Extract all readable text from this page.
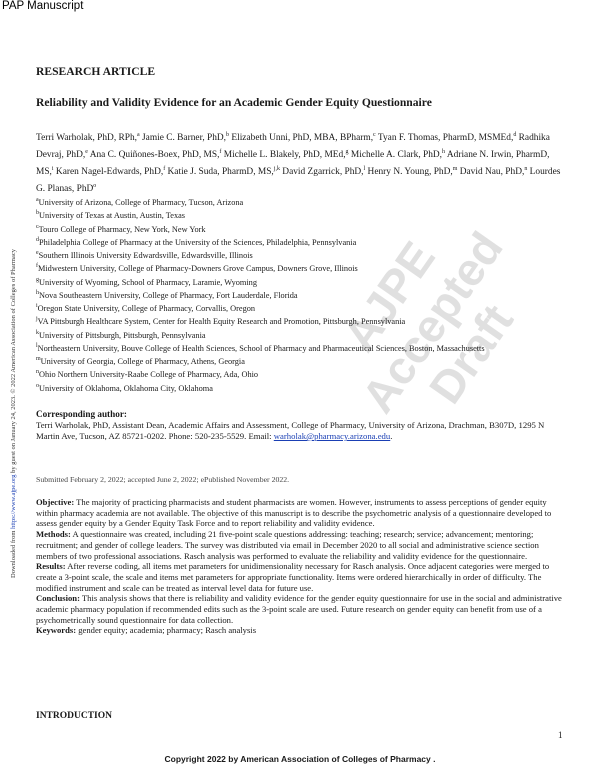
PAP Manuscript
Downloaded from https://www.ajpe.org by guest on January 24, 2023. © 2022 American Association of Colleges of Pharmacy	AJPE Accepted Draft
RESEARCH ARTICLE
Reliability and Validity Evidence for an Academic Gender Equity Questionnaire
Terri Warholak, PhD, RPh,$^a$ Jamie C. Barner, PhD,$^b$ Elizabeth Unni, PhD, MBA, BPharm,$^c$ Tyan F. Thomas, PharmD, MSMEd,$^d$ Radhika Devraj, PhD,$^e$ Ana C. Quiñones-Boex, PhD, MS,$^f$ Michelle L. Blakely, PhD, MEd,$^g$ Michelle A. Clark, PhD,$^h$ Adriane N. Irwin, PharmD, MS,$^i$ Karen Nagel-Edwards, PhD,$^f$ Katie J. Suda, PharmD, MS,$^{j,k}$ David Zgarrick, PhD,$^l$ Henry N. Young, PhD,$^m$ David Nau, PhD,$^n$ Lourdes G. Planas, PhD$^o$
$^a$University of Arizona, College of Pharmacy, Tucson, Arizona
$^b$University of Texas at Austin, Austin, Texas
$^c$Touro College of Pharmacy, New York, New York
$^d$Philadelphia College of Pharmacy at the University of the Sciences, Philadelphia, Pennsylvania
$^e$Southern Illinois University Edwardsville, Edwardsville, Illinois
$^f$Midwestern University, College of Pharmacy-Downers Grove Campus, Downers Grove, Illinois
$^g$University of Wyoming, School of Pharmacy, Laramie, Wyoming
$^h$Nova Southeastern University, College of Pharmacy, Fort Lauderdale, Florida
$^i$Oregon State University, College of Pharmacy, Corvallis, Oregon
$^j$VA Pittsburgh Healthcare System, Center for Health Equity Research and Promotion, Pittsburgh, Pennsylvania
$^k$University of Pittsburgh, Pittsburgh, Pennsylvania
$^l$Northeastern University, Bouve College of Health Sciences, School of Pharmacy and Pharmaceutical Sciences, Boston, Massachusetts
$^m$University of Georgia, College of Pharmacy, Athens, Georgia
$^n$Ohio Northern University-Raabe College of Pharmacy, Ada, Ohio
$^o$University of Oklahoma, Oklahoma City, Oklahoma
Corresponding author:
Terri Warholak, PhD, Assistant Dean, Academic Affairs and Assessment, College of Pharmacy, University of Arizona, Drachman, B307D, 1295 N Martin Ave, Tucson, AZ 85721-0202. Phone: 520-235-5529. Email: warholak@pharmacy.arizona.edu.
Submitted February 2, 2022; accepted June 2, 2022; ePublished November 2022.

Objective: The majority of practicing pharmacists and student pharmacists are women. However, instruments to assess perceptions of gender equity within pharmacy academia are not available. The objective of this manuscript is to describe the psychometric analysis of a questionnaire developed to assess gender equity by a Gender Equity Task Force and to report reliability and validity evidence.

Methods: A questionnaire was created, including 21 five-point scale questions addressing: teaching; research; service; advancement; mentoring; recruitment; and gender of college leaders. The survey was distributed via email in December 2020 to all social and administrative science section members of two professional associations. Rasch analysis was performed to evaluate the reliability and validity evidence for the questionnaire.

Results: After reverse coding, all items met parameters for unidimensionality necessary for Rasch analysis. Once adjacent categories were merged to create a 3-point scale, the scale and items met parameters for appropriate functionality. Items were ordered hierarchically in order of difficulty. The modified instrument and scale can be treated as interval level data for future use.

Conclusion: This analysis shows that there is reliability and validity evidence for the gender equity questionnaire for use in the social and administrative academic pharmacy population if recommended edits such as the 3-point scale are used. Future research on gender equity can benefit from use of a psychometrically sound questionnaire for data collection.

Keywords: gender equity; academia; pharmacy; Rasch analysis

INTRODUCTION
1
Copyright 2022 by American Association of Colleges of Pharmacy .
